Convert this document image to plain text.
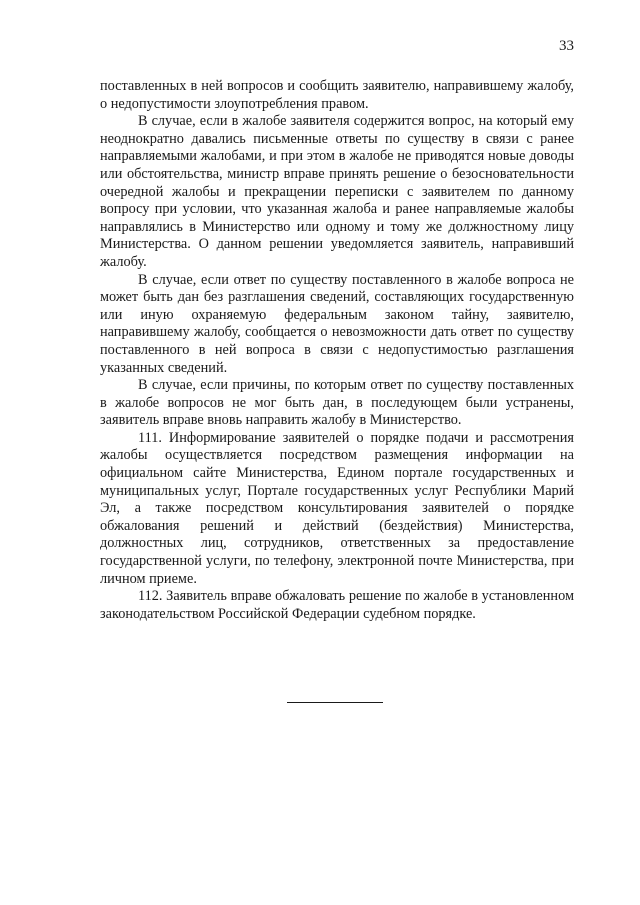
33

поставленных в ней вопросов и сообщить заявителю, направившему жалобу, о недопустимости злоупотребления правом.

В случае, если в жалобе заявителя содержится вопрос, на который ему неоднократно давались письменные ответы по существу в связи с ранее направляемыми жалобами, и при этом в жалобе не приводятся новые доводы или обстоятельства, министр вправе принять решение о безосновательности очередной жалобы и прекращении переписки с заявителем по данному вопросу при условии, что указанная жалоба и ранее направляемые жалобы направлялись в Министерство или одному и тому же должностному лицу Министерства. О данном решении уведомляется заявитель, направивший жалобу.

В случае, если ответ по существу поставленного в жалобе вопроса не может быть дан без разглашения сведений, составляющих государственную или иную охраняемую федеральным законом тайну, заявителю, направившему жалобу, сообщается о невозможности дать ответ по существу поставленного в ней вопроса в связи с недопустимостью разглашения указанных сведений.

В случае, если причины, по которым ответ по существу поставленных в жалобе вопросов не мог быть дан, в последующем были устранены, заявитель вправе вновь направить жалобу в Министерство.

111. Информирование заявителей о порядке подачи и рассмотрения жалобы осуществляется посредством размещения информации на официальном сайте Министерства, Едином портале государственных и муниципальных услуг, Портале государственных услуг Республики Марий Эл, а также посредством консультирования заявителей о порядке обжалования решений и действий (бездействия) Министерства, должностных лиц, сотрудников, ответственных за предоставление государственной услуги, по телефону, электронной почте Министерства, при личном приеме.

112. Заявитель вправе обжаловать решение по жалобе в установленном законодательством Российской Федерации судебном порядке.
